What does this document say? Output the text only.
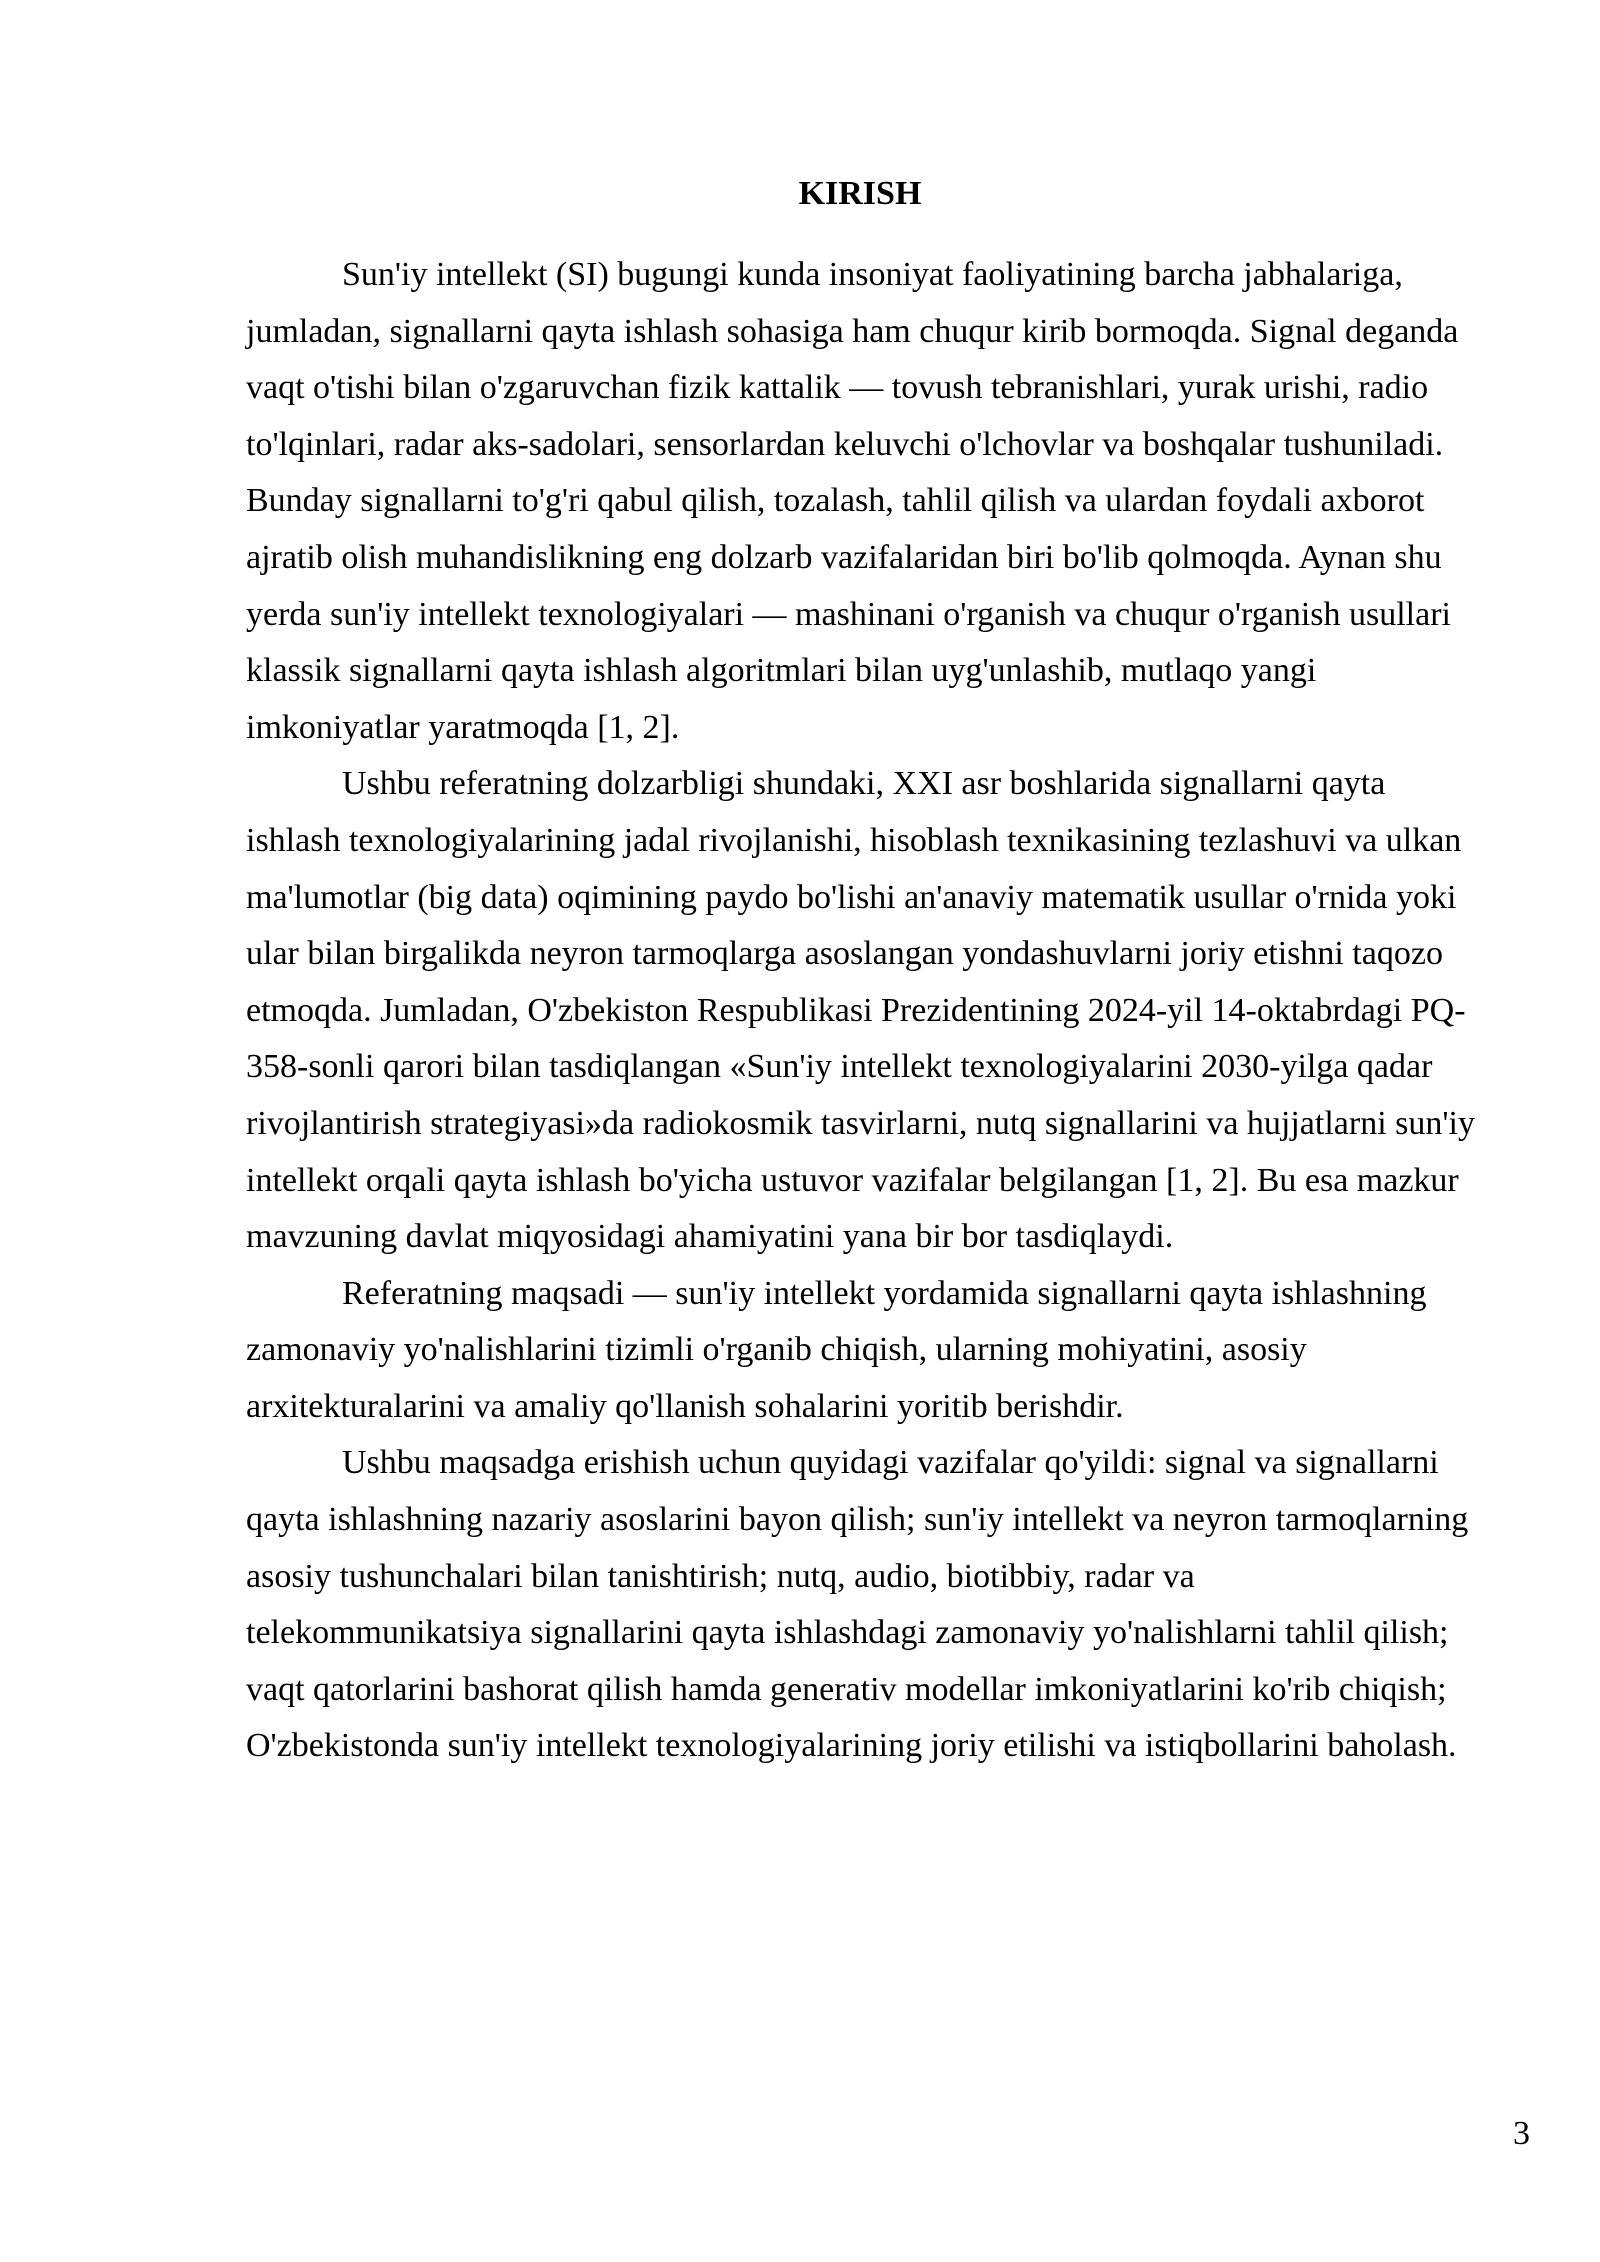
KIRISH

Sun'iy intellekt (SI) bugungi kunda insoniyat faoliyatining barcha jabhalariga, jumladan, signallarni qayta ishlash sohasiga ham chuqur kirib bormoqda. Signal deganda vaqt o'tishi bilan o'zgaruvchan fizik kattalik — tovush tebranishlari, yurak urishi, radio to'lqinlari, radar aks-sadolari, sensorlardan keluvchi o'lchovlar va boshqalar tushuniladi. Bunday signallarni to'g'ri qabul qilish, tozalash, tahlil qilish va ulardan foydali axborot ajratib olish muhandislikning eng dolzarb vazifalaridan biri bo'lib qolmoqda. Aynan shu yerda sun'iy intellekt texnologiyalari — mashinani o'rganish va chuqur o'rganish usullari klassik signallarni qayta ishlash algoritmlari bilan uyg'unlashib, mutlaqo yangi imkoniyatlar yaratmoqda [1, 2].

Ushbu referatning dolzarbligi shundaki, XXI asr boshlarida signallarni qayta ishlash texnologiyalarining jadal rivojlanishi, hisoblash texnikasining tezlashuvi va ulkan ma'lumotlar (big data) oqimining paydo bo'lishi an'anaviy matematik usullar o'rnida yoki ular bilan birgalikda neyron tarmoqlarga asoslangan yondashuvlarni joriy etishni taqozo etmoqda. Jumladan, O'zbekiston Respublikasi Prezidentining 2024-yil 14-oktabrdagi PQ-358-sonli qarori bilan tasdiqlangan «Sun'iy intellekt texnologiyalarini 2030-yilga qadar rivojlantirish strategiyasi»da radiokosmik tasvirlarni, nutq signallarini va hujjatlarni sun'iy intellekt orqali qayta ishlash bo'yicha ustuvor vazifalar belgilangan [1, 2]. Bu esa mazkur mavzuning davlat miqyosidagi ahamiyatini yana bir bor tasdiqlaydi.

Referatning maqsadi — sun'iy intellekt yordamida signallarni qayta ishlashning zamonaviy yo'nalishlarini tizimli o'rganib chiqish, ularning mohiyatini, asosiy arxitekturalarini va amaliy qo'llanish sohalarini yoritib berishdir.

Ushbu maqsadga erishish uchun quyidagi vazifalar qo'yildi: signal va signallarni qayta ishlashning nazariy asoslarini bayon qilish; sun'iy intellekt va neyron tarmoqlarning asosiy tushunchalari bilan tanishtirish; nutq, audio, biotibbiy, radar va telekommunikatsiya signallarini qayta ishlashdagi zamonaviy yo'nalishlarni tahlil qilish; vaqt qatorlarini bashorat qilish hamda generativ modellar imkoniyatlarini ko'rib chiqish; O'zbekistonda sun'iy intellekt texnologiyalarining joriy etilishi va istiqbollarini baholash.

3
